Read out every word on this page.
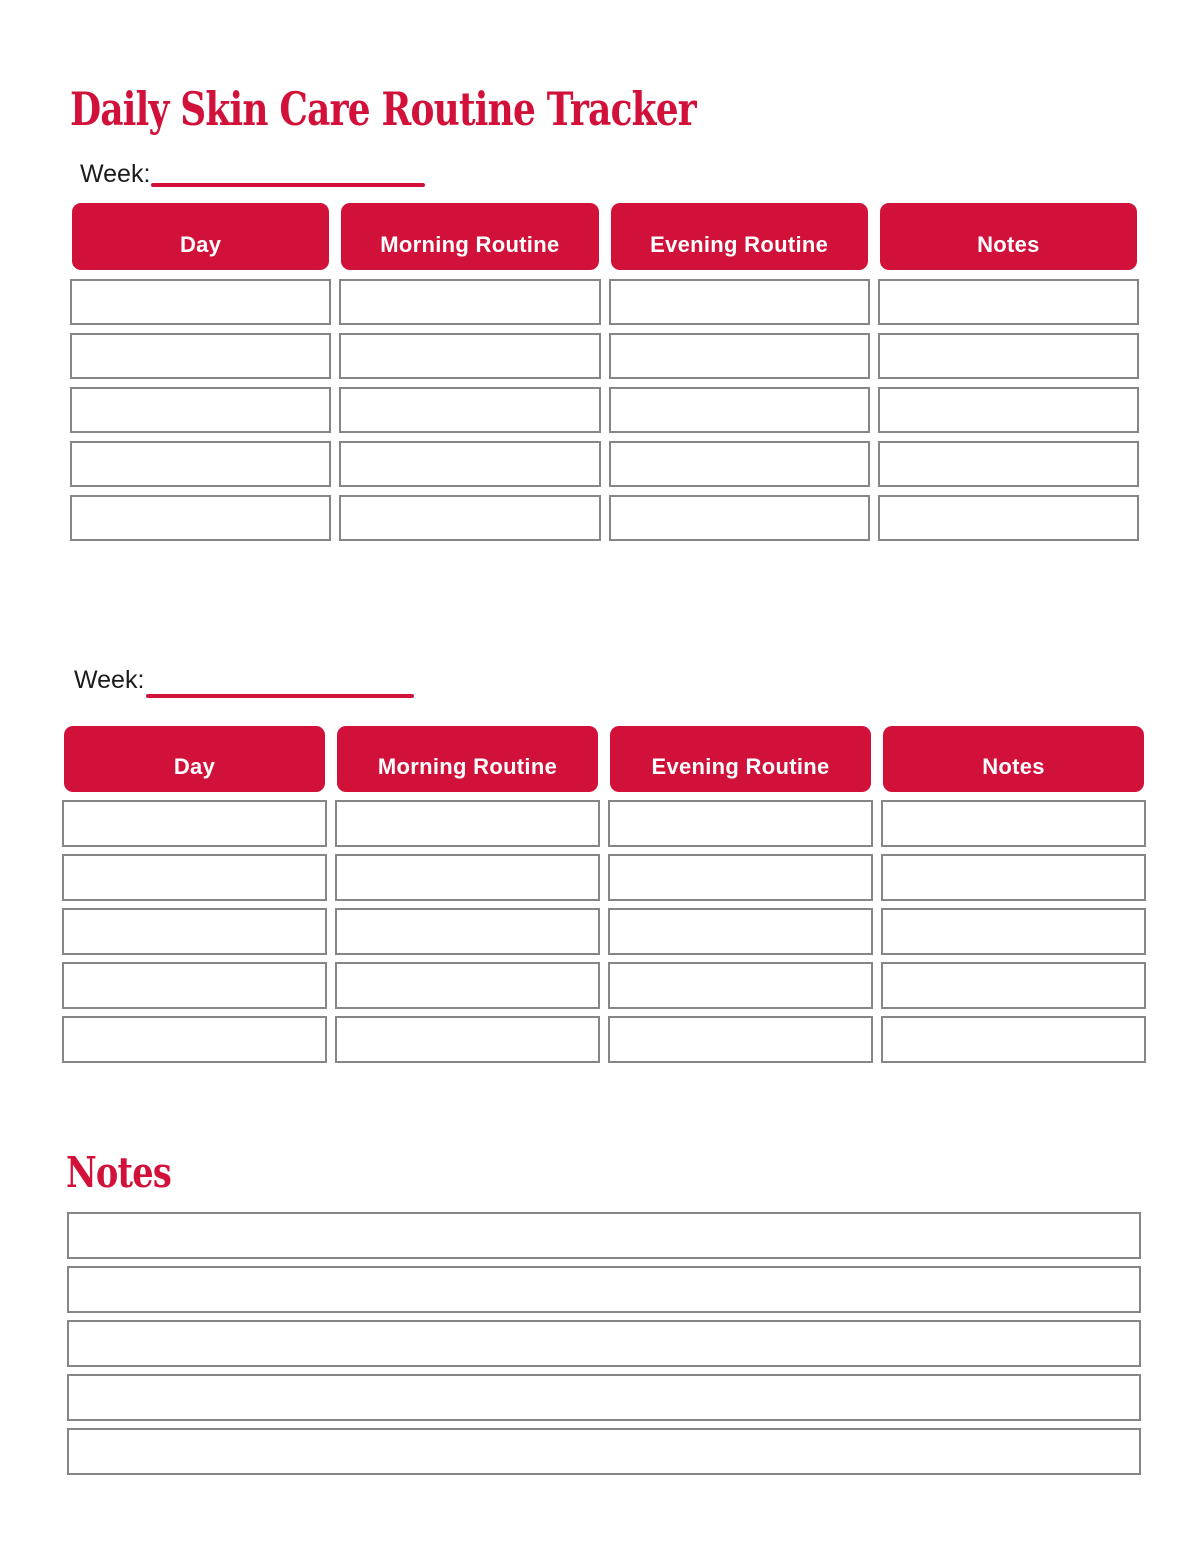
Daily Skin Care Routine Tracker
Week:
Day	Morning Routine	Evening Routine	Notes
Week:
Day	Morning Routine	Evening Routine	Notes
Notes
